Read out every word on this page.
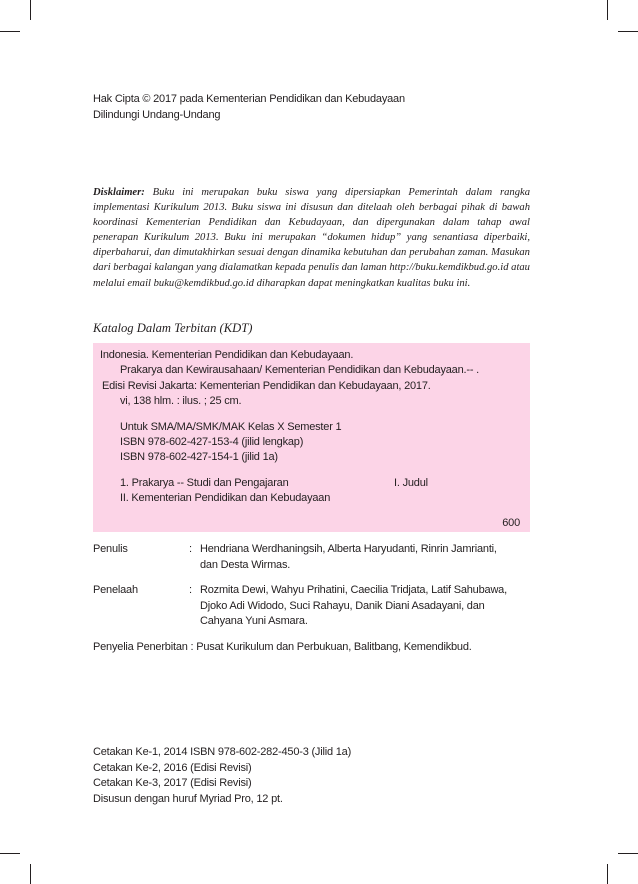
Hak Cipta © 2017 pada Kementerian Pendidikan dan Kebudayaan
Dilindungi Undang-Undang
Disklaimer: Buku ini merupakan buku siswa yang dipersiapkan Pemerintah dalam rangka implementasi Kurikulum 2013. Buku siswa ini disusun dan ditelaah oleh berbagai pihak di bawah koordinasi Kementerian Pendidikan dan Kebudayaan, dan dipergunakan dalam tahap awal penerapan Kurikulum 2013. Buku ini merupakan “dokumen hidup” yang senantiasa diperbaiki, diperbaharui, dan dimutakhirkan sesuai dengan dinamika kebutuhan dan perubahan zaman. Masukan dari berbagai kalangan yang dialamatkan kepada penulis dan laman http://buku.kemdikbud.go.id atau melalui email buku@kemdikbud.go.id diharapkan dapat meningkatkan kualitas buku ini.
Katalog Dalam Terbitan (KDT)
Indonesia. Kementerian Pendidikan dan Kebudayaan.
Prakarya dan Kewirausahaan/ Kementerian Pendidikan dan Kebudayaan.-- .
Edisi Revisi Jakarta: Kementerian Pendidikan dan Kebudayaan, 2017.
vi, 138 hlm. : ilus. ; 25 cm.
Untuk SMA/MA/SMK/MAK Kelas X Semester 1
ISBN 978-602-427-153-4 (jilid lengkap)
ISBN 978-602-427-154-1 (jilid 1a)
1. Prakarya -- Studi dan Pengajaran	I. Judul
II. Kementerian Pendidikan dan Kebudayaan
600
Penulis	: Hendriana Werdhaningsih, Alberta Haryudanti, Rinrin Jamrianti,
dan Desta Wirmas.
Penelaah	: Rozmita Dewi, Wahyu Prihatini, Caecilia Tridjata, Latif Sahubawa,
Djoko Adi Widodo, Suci Rahayu, Danik Diani Asadayani, dan
Cahyana Yuni Asmara.
Penyelia Penerbitan : Pusat Kurikulum dan Perbukuan, Balitbang, Kemendikbud.
Cetakan Ke-1, 2014 ISBN 978-602-282-450-3 (Jilid 1a)
Cetakan Ke-2, 2016 (Edisi Revisi)
Cetakan Ke-3, 2017 (Edisi Revisi)
Disusun dengan huruf Myriad Pro, 12 pt.
